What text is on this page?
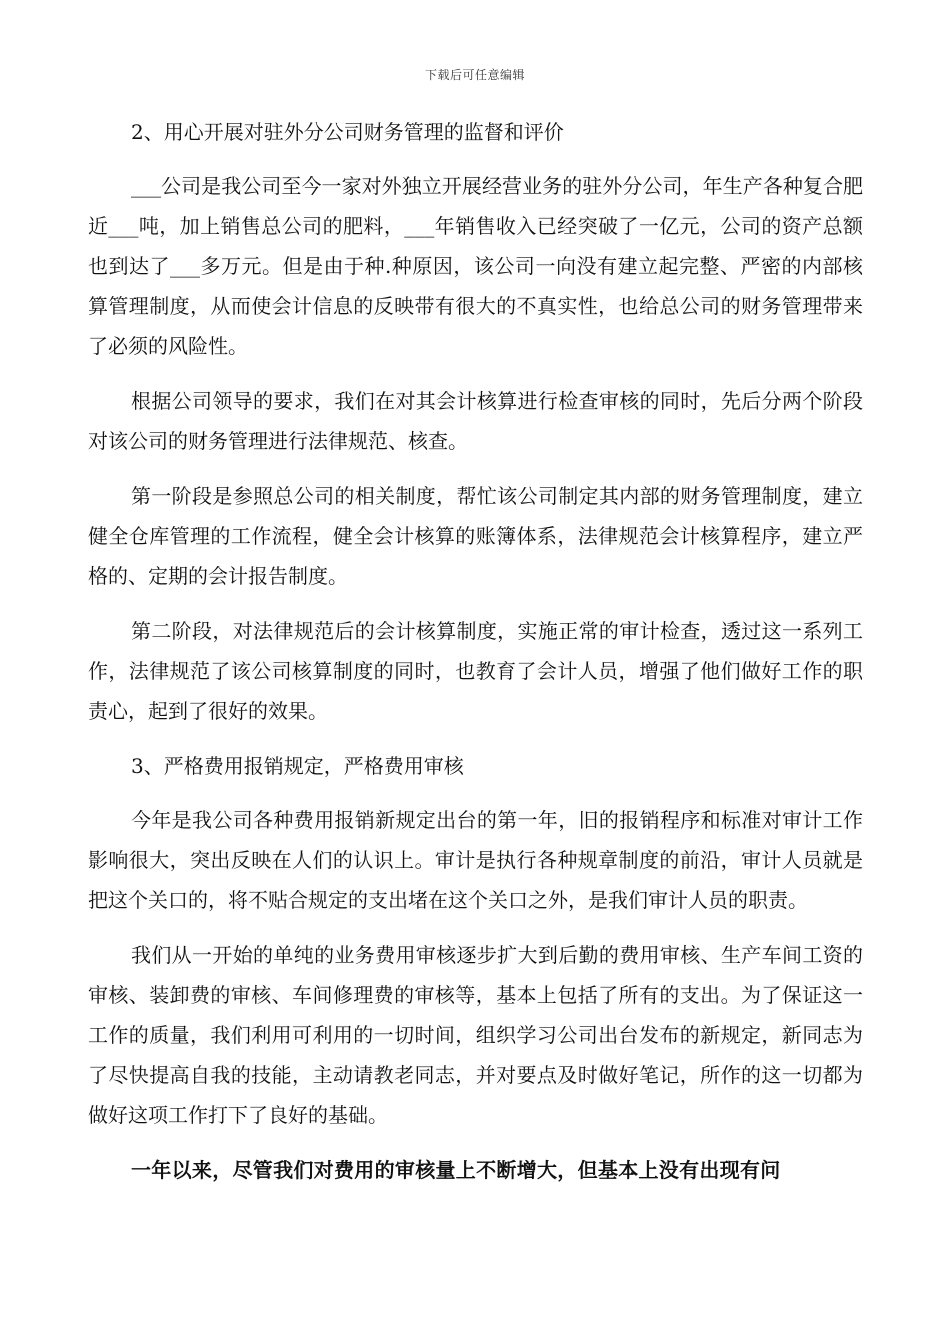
下载后可任意编辑

2、用心开展对驻外分公司财务管理的监督和评价

___公司是我公司至今一家对外独立开展经营业务的驻外分公司，年生产各种复合肥近___吨，加上销售总公司的肥料，___年销售收入已经突破了一亿元，公司的资产总额也到达了___多万元。但是由于种.种原因，该公司一向没有建立起完整、严密的内部核算管理制度，从而使会计信息的反映带有很大的不真实性，也给总公司的财务管理带来了必须的风险性。

根据公司领导的要求，我们在对其会计核算进行检查审核的同时，先后分两个阶段对该公司的财务管理进行法律规范、核查。

第一阶段是参照总公司的相关制度，帮忙该公司制定其内部的财务管理制度，建立健全仓库管理的工作流程，健全会计核算的账簿体系，法律规范会计核算程序，建立严格的、定期的会计报告制度。

第二阶段，对法律规范后的会计核算制度，实施正常的审计检查，透过这一系列工作，法律规范了该公司核算制度的同时，也教育了会计人员，增强了他们做好工作的职责心，起到了很好的效果。

3、严格费用报销规定，严格费用审核

今年是我公司各种费用报销新规定出台的第一年，旧的报销程序和标准对审计工作影响很大，突出反映在人们的认识上。审计是执行各种规章制度的前沿，审计人员就是把这个关口的，将不贴合规定的支出堵在这个关口之外，是我们审计人员的职责。

我们从一开始的单纯的业务费用审核逐步扩大到后勤的费用审核、生产车间工资的审核、装卸费的审核、车间修理费的审核等，基本上包括了所有的支出。为了保证这一工作的质量，我们利用可利用的一切时间，组织学习公司出台发布的新规定，新同志为了尽快提高自我的技能，主动请教老同志，并对要点及时做好笔记，所作的这一切都为做好这项工作打下了良好的基础。

一年以来，尽管我们对费用的审核量上不断增大，但基本上没有出现有问
